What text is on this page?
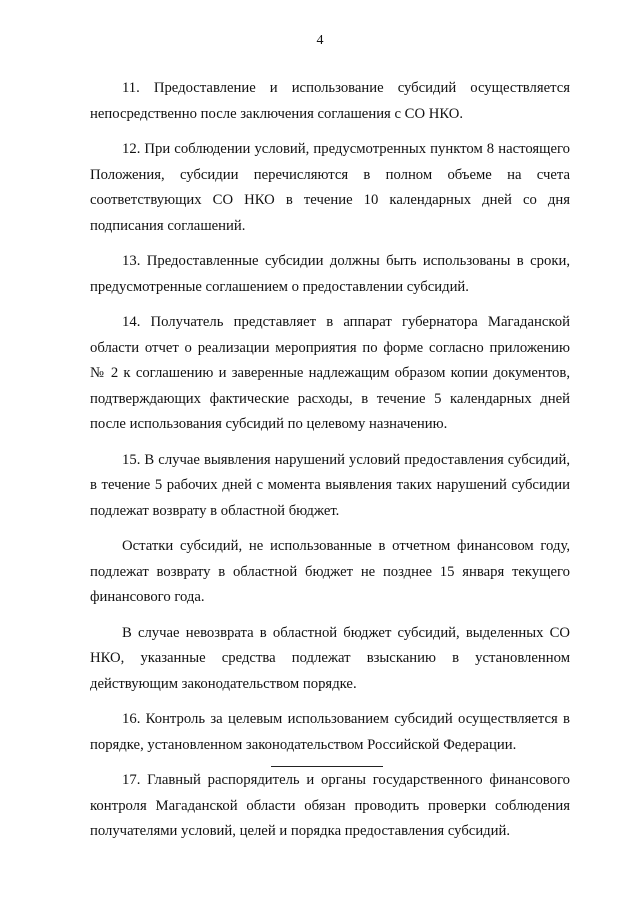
4

11. Предоставление и использование субсидий осуществляется непосредственно после заключения соглашения с СО НКО.

12. При соблюдении условий, предусмотренных пунктом 8 настоящего Положения, субсидии перечисляются в полном объеме на счета соответствующих СО НКО в течение 10 календарных дней со дня подписания соглашений.

13. Предоставленные субсидии должны быть использованы в сроки, предусмотренные соглашением о предоставлении субсидий.

14. Получатель представляет в аппарат губернатора Магаданской области отчет о реализации мероприятия по форме согласно приложению № 2 к соглашению и заверенные надлежащим образом копии документов, подтверждающих фактические расходы, в течение 5 календарных дней после использования субсидий по целевому назначению.

15. В случае выявления нарушений условий предоставления субсидий, в течение 5 рабочих дней с момента выявления таких нарушений субсидии подлежат возврату в областной бюджет.

Остатки субсидий, не использованные в отчетном финансовом году, подлежат возврату в областной бюджет не позднее 15 января текущего финансового года.

В случае невозврата в областной бюджет субсидий, выделенных СО НКО, указанные средства подлежат взысканию в установленном действующим законодательством порядке.

16. Контроль за целевым использованием субсидий осуществляется в порядке, установленном законодательством Российской Федерации.

17. Главный распорядитель и органы государственного финансового контроля Магаданской области обязан проводить проверки соблюдения получателями условий, целей и порядка предоставления субсидий.
